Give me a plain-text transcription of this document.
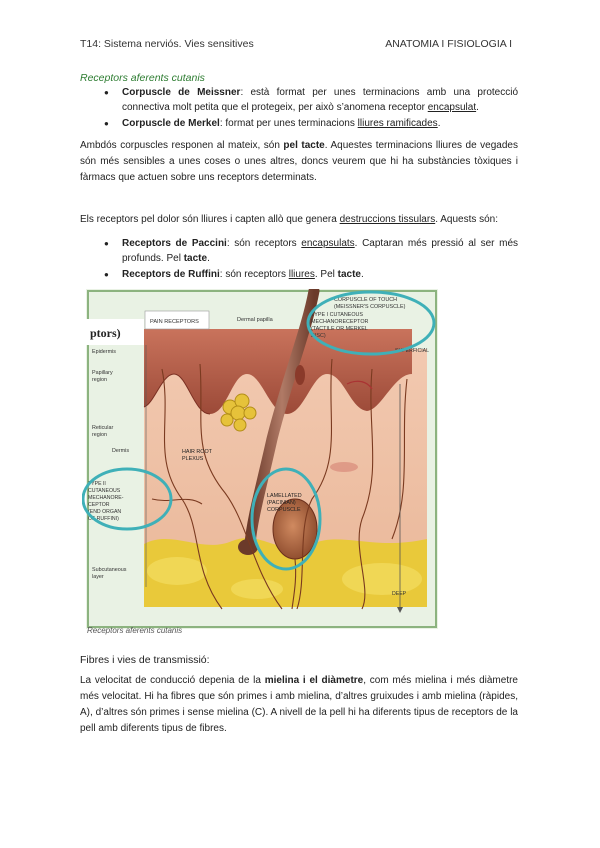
T14: Sistema nerviós. Vies sensitives	ANATOMIA I FISIOLOGIA I
Receptors aferents cutanis
● Corpuscle de Meissner: està format per unes terminacions amb una protecció connectiva molt petita que el protegeix, per això s’anomena receptor encapsulat.
● Corpuscle de Merkel: format per unes terminacions lliures ramificades.

Ambdós corpuscles responen al mateix, són pel tacte. Aquestes terminacions lliures de vegades són més sensibles a unes coses o unes altres, doncs veurem que hi ha substàncies tòxiques i fàrmacs que actuen sobre uns receptors determinats.

Els receptors pel dolor són lliures i capten allò que genera destruccions tissulars. Aquests són:

● Receptors de Paccini: són receptors encapsulats. Captaran més pressió al ser més profunds. Pel tacte.
● Receptors de Ruffini: són receptors lliures. Pel tacte.
ptors)
PAIN RECEPTORS	Dermal papilla
CORPUSCLE OF TOUCH
(MEISSNER'S CORPUSCLE)
TYPE I CUTANEOUS
MECHANORECEPTOR
(TACTILE OR MERKEL
DISC)
SUPERFICIAL
Epidermis
Papillary
region
Reticular
region
Dermis	HAIR ROOT
PLEXUS
TYPE II
CUTANEOUS
MECHANORE-
CEPTOR
(END ORGAN
OF RUFFINI)
LAMELLATED
(PACINIAN)
CORPUSCLE
Subcutaneous
layer
DEEP
Receptors aferents cutanis
Fibres i vies de transmissió:

La velocitat de conducció depenia de la mielina i el diàmetre, com més mielina i més diàmetre més velocitat. Hi ha fibres que són primes i amb mielina, d’altres gruixudes i amb mielina (ràpides, A), d’altres són primes i sense mielina (C). A nivell de la pell hi ha diferents tipus de receptors de la pell amb diferents tipus de fibres.
